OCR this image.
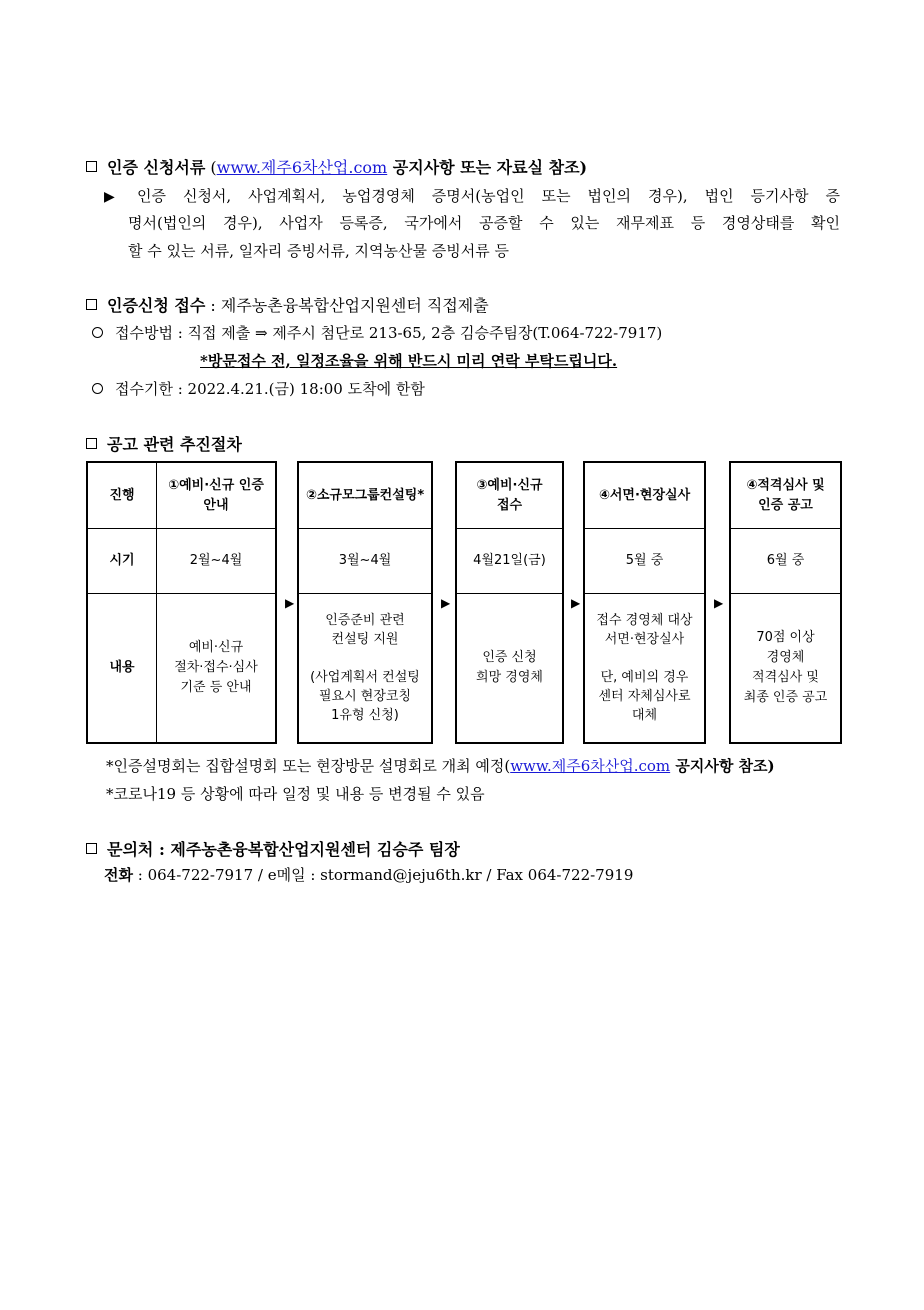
인증 신청서류 (www.제주6차산업.com 공지사항 또는 자료실 참조)
▶ 인증 신청서, 사업계획서, 농업경영체 증명서(농업인 또는 법인의 경우), 법인 등기사항 증
명서(법인의 경우), 사업자 등록증, 국가에서 공증할 수 있는 재무제표 등 경영상태를 확인
할 수 있는 서류, 일자리 증빙서류, 지역농산물 증빙서류 등
인증신청 접수 : 제주농촌융복합산업지원센터 직접제출
접수방법 : 직접 제출 ⇒ 제주시 첨단로 213-65, 2층 김승주팀장(T.064-722-7917)
*방문접수 전, 일정조율을 위해 반드시 미리 연락 부탁드립니다.
접수기한 : 2022.4.21.(금) 18:00 도착에 한함
공고 관련 추진절차
진행
시기
내용
①예비·신규 인증
안내
2월~4월
예비·신규
절차·접수·심사
기준 등 안내
▶
②소규모그룹컨설팅*
3월~4월
인증준비 관련
컨설팅 지원

(사업계획서 컨설팅
필요시 현장코칭
1유형 신청)
▶
③예비·신규
접수
4월21일(금)
인증 신청
희망 경영체
▶
④서면·현장실사
5월 중
접수 경영체 대상
서면·현장실사

단, 예비의 경우
센터 자체심사로
대체
▶
④적격심사 및
인증 공고
6월 중
70점 이상
경영체
적격심사 및
최종 인증 공고
*인증설명회는 집합설명회 또는 현장방문 설명회로 개최 예정(www.제주6차산업.com 공지사항 참조)
*코로나19 등 상황에 따라 일정 및 내용 등 변경될 수 있음
문의처 : 제주농촌융복합산업지원센터 김승주 팀장
전화 : 064-722-7917 / e메일 : stormand@jeju6th.kr / Fax 064-722-7919
